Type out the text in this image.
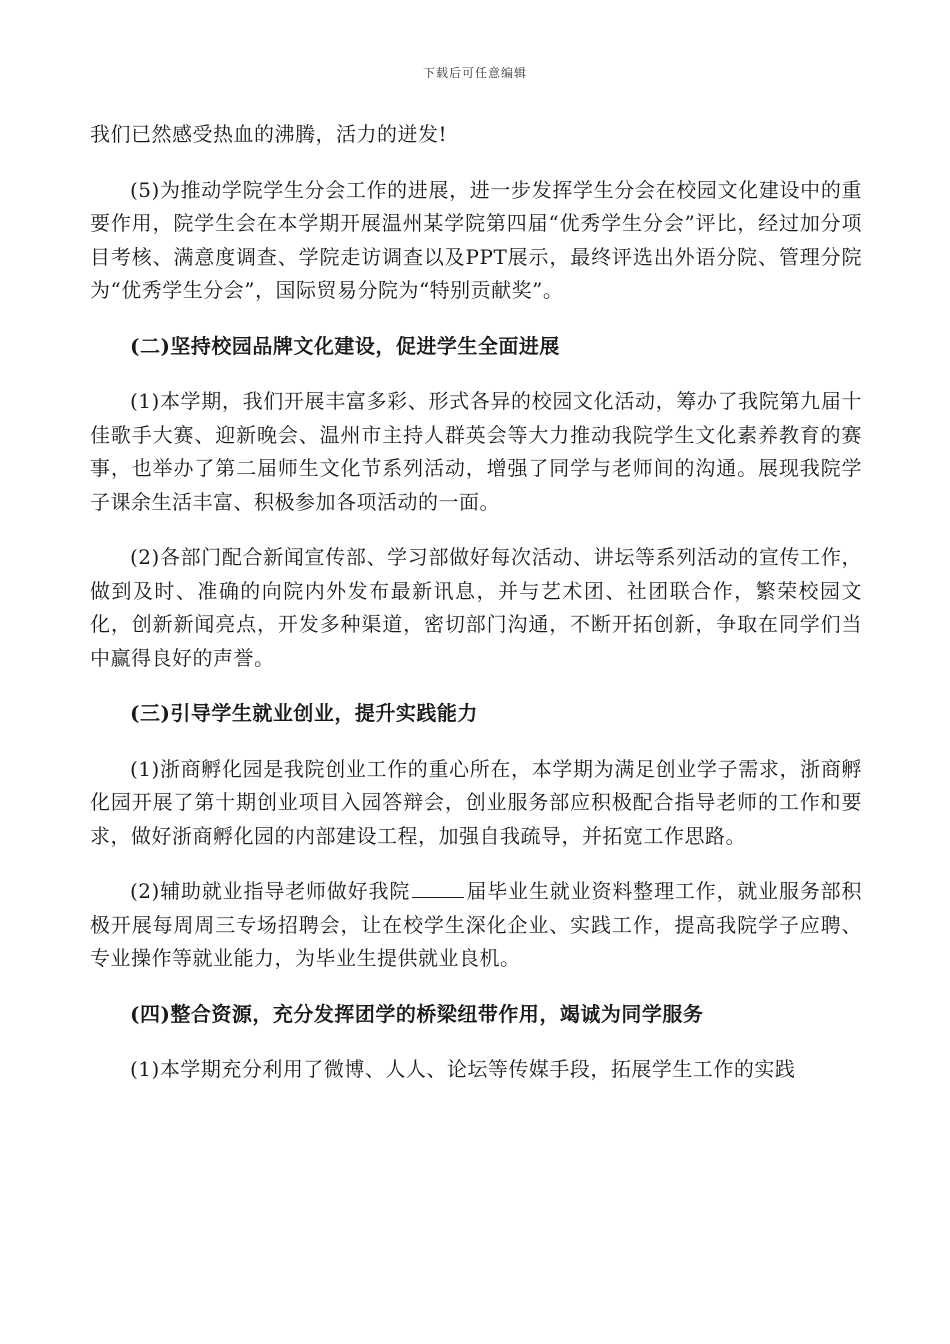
下载后可任意编辑

我们已然感受热血的沸腾，活力的迸发!

(5)为推动学院学生分会工作的进展，进一步发挥学生分会在校园文化建设中的重要作用，院学生会在本学期开展温州某学院第四届“优秀学生分会”评比，经过加分项目考核、满意度调查、学院走访调查以及PPT展示，最终评选出外语分院、管理分院为“优秀学生分会”，国际贸易分院为“特别贡献奖”。

(二)坚持校园品牌文化建设，促进学生全面进展

(1)本学期，我们开展丰富多彩、形式各异的校园文化活动，筹办了我院第九届十佳歌手大赛、迎新晚会、温州市主持人群英会等大力推动我院学生文化素养教育的赛事，也举办了第二届师生文化节系列活动，增强了同学与老师间的沟通。展现我院学子课余生活丰富、积极参加各项活动的一面。

(2)各部门配合新闻宣传部、学习部做好每次活动、讲坛等系列活动的宣传工作，做到及时、准确的向院内外发布最新讯息，并与艺术团、社团联合作，繁荣校园文化，创新新闻亮点，开发多种渠道，密切部门沟通，不断开拓创新，争取在同学们当中赢得良好的声誉。

(三)引导学生就业创业，提升实践能力

(1)浙商孵化园是我院创业工作的重心所在，本学期为满足创业学子需求，浙商孵化园开展了第十期创业项目入园答辩会，创业服务部应积极配合指导老师的工作和要求，做好浙商孵化园的内部建设工程，加强自我疏导，并拓宽工作思路。

(2)辅助就业指导老师做好我院	届毕业生就业资料整理工作，就业服务部积极开展每周周三专场招聘会，让在校学生深化企业、实践工作，提高我院学子应聘、专业操作等就业能力，为毕业生提供就业良机。

(四)整合资源，充分发挥团学的桥梁纽带作用，竭诚为同学服务

(1)本学期充分利用了微博、人人、论坛等传媒手段，拓展学生工作的实践
